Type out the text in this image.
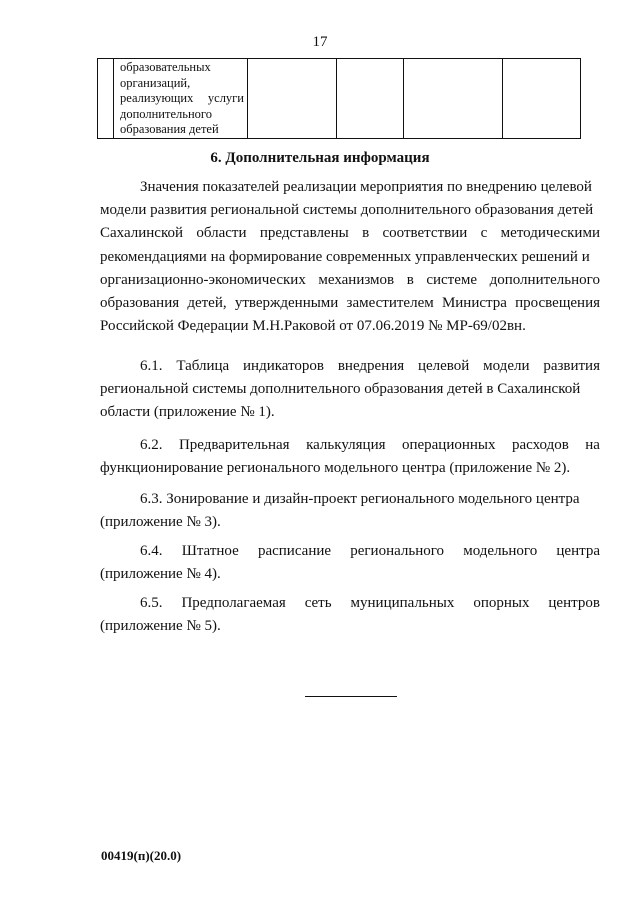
17

образовательных
организаций,
реализующих услуги
дополнительного
образования детей

6. Дополнительная информация
Значения показателей реализации мероприятия по внедрению целевой
модели развития региональной системы дополнительного образования детей
Сахалинской области представлены в соответствии с методическими
рекомендациями на формирование современных управленческих решений и
организационно-экономических механизмов в системе дополнительного
образования детей, утвержденными заместителем Министра просвещения
Российской Федерации М.Н.Раковой от 07.06.2019 № МР-69/02вн.
6.1. Таблица индикаторов внедрения целевой модели развития
региональной системы дополнительного образования детей в Сахалинской
области (приложение № 1).
6.2. Предварительная калькуляция операционных расходов на
функционирование регионального модельного центра (приложение № 2).
6.3. Зонирование и дизайн-проект регионального модельного центра
(приложение № 3).
6.4. Штатное расписание регионального модельного центра
(приложение № 4).
6.5. Предполагаемая сеть муниципальных опорных центров
(приложение № 5).
00419(п)(20.0)
